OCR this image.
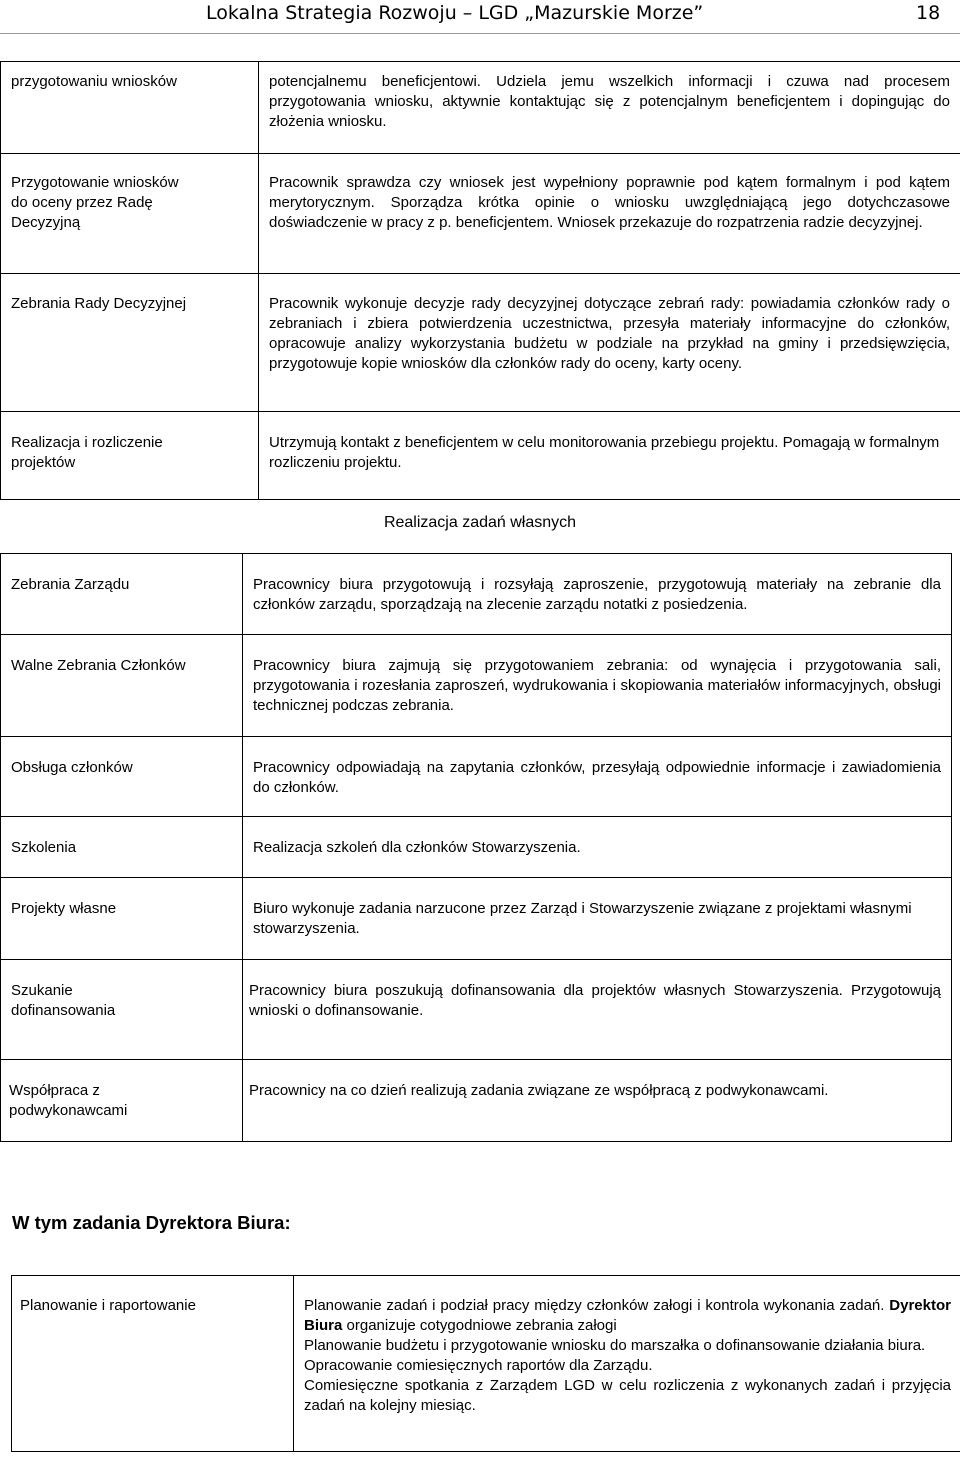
Lokalna Strategia Rozwoju – LGD „Mazurskie Morze”	18
przygotowaniu wniosków	potencjalnemu beneficjentowi. Udziela jemu wszelkich informacji i czuwa nad procesem przygotowania wniosku, aktywnie kontaktując się z potencjalnym beneficjentem i dopingując do złożenia wniosku.

Przygotowanie wniosków do oceny przez Radę Decyzyjną	Pracownik sprawdza czy wniosek jest wypełniony poprawnie pod kątem formalnym i pod kątem merytorycznym. Sporządza krótka opinie o wniosku uwzględniającą jego dotychczasowe doświadczenie w pracy z p. beneficjentem. Wniosek przekazuje do rozpatrzenia radzie decyzyjnej.

Zebrania Rady Decyzyjnej	Pracownik wykonuje decyzje rady decyzyjnej dotyczące zebrań rady: powiadamia członków rady o zebraniach i zbiera potwierdzenia uczestnictwa, przesyła materiały informacyjne do członków, opracowuje analizy wykorzystania budżetu w podziale na przykład na gminy i przedsięwzięcia, przygotowuje kopie wniosków dla członków rady do oceny, karty oceny.

Realizacja i rozliczenie projektów	Utrzymują kontakt z beneficjentem w celu monitorowania przebiegu projektu. Pomagają w formalnym rozliczeniu projektu.
Realizacja zadań własnych
Zebrania Zarządu	Pracownicy biura przygotowują i rozsyłają zaproszenie, przygotowują materiały na zebranie dla członków zarządu, sporządzają na zlecenie zarządu notatki z posiedzenia.

Walne Zebrania Członków	Pracownicy biura zajmują się przygotowaniem zebrania: od wynajęcia i przygotowania sali, przygotowania i rozesłania zaproszeń, wydrukowania i skopiowania materiałów informacyjnych, obsługi technicznej podczas zebrania.

Obsługa członków	Pracownicy odpowiadają na zapytania członków, przesyłają odpowiednie informacje i zawiadomienia do członków.

Szkolenia	Realizacja szkoleń dla członków Stowarzyszenia.

Projekty własne	Biuro wykonuje zadania narzucone przez Zarząd i Stowarzyszenie związane z projektami własnymi stowarzyszenia.

Szukanie dofinansowania	Pracownicy biura poszukują dofinansowania dla projektów własnych Stowarzyszenia. Przygotowują wnioski o dofinansowanie.

Współpraca z podwykonawcami	Pracownicy na co dzień realizują zadania związane ze współpracą z podwykonawcami.
W tym zadania Dyrektora Biura:
Planowanie i raportowanie	Planowanie zadań i podział pracy między członków załogi i kontrola wykonania zadań. Dyrektor Biura organizuje cotygodniowe zebrania załogi
Planowanie budżetu i przygotowanie wniosku do marszałka o dofinansowanie działania biura.
Opracowanie comiesięcznych raportów dla Zarządu.
Comiesięczne spotkania z Zarządem LGD w celu rozliczenia z wykonanych zadań i przyjęcia zadań na kolejny miesiąc.
